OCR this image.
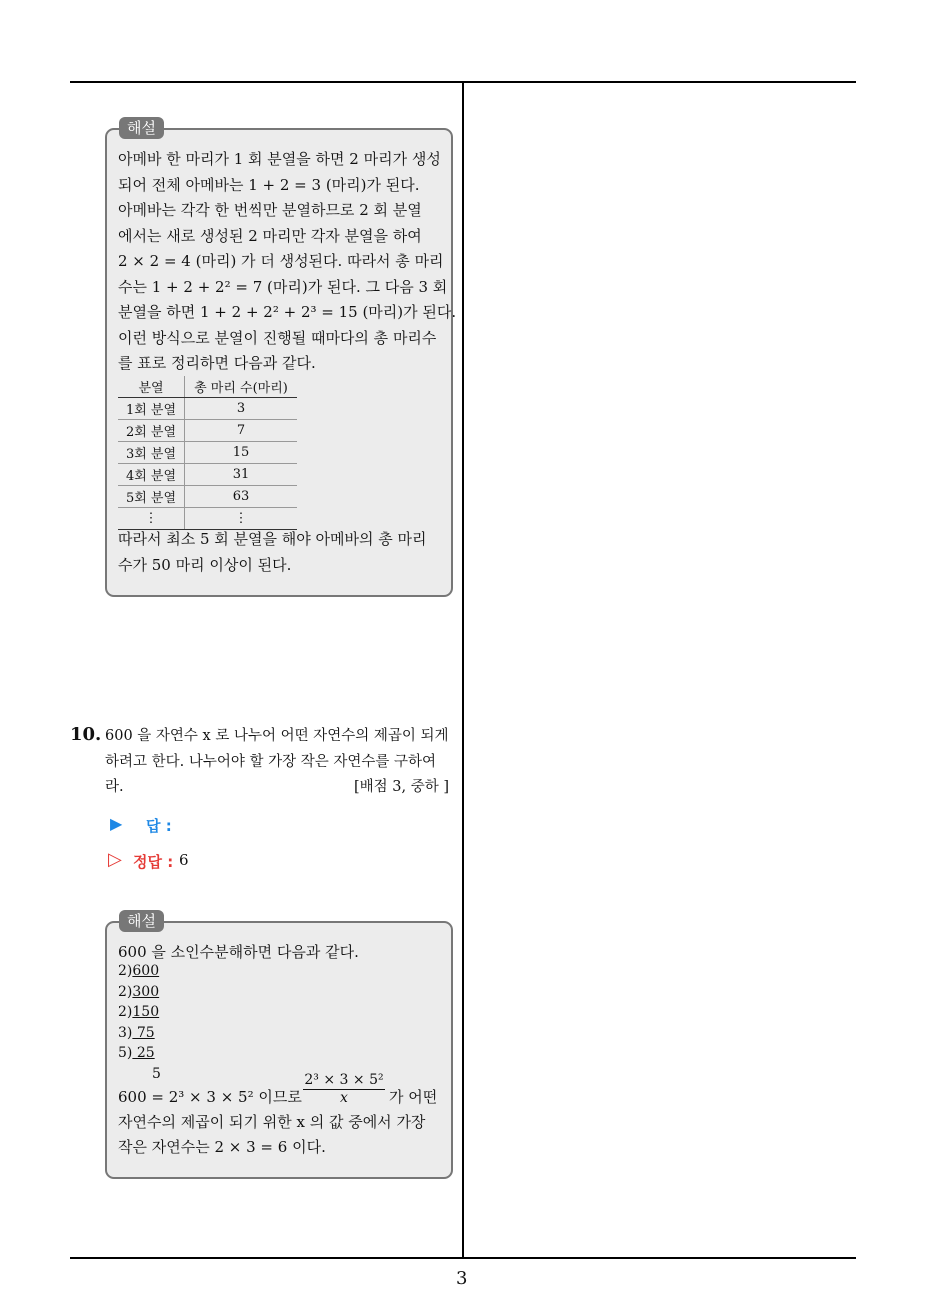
해설
아메바 한 마리가 1 회 분열을 하면 2 마리가 생성
되어 전체 아메바는 1 + 2 = 3 (마리)가 된다.
아메바는 각각 한 번씩만 분열하므로 2 회 분열
에서는 새로 생성된 2 마리만 각자 분열을 하여
2 × 2 = 4 (마리) 가 더 생성된다. 따라서 총 마리
수는 1 + 2 + 2² = 7 (마리)가 된다. 그 다음 3 회
분열을 하면 1 + 2 + 2² + 2³ = 15 (마리)가 된다.
이런 방식으로 분열이 진행될 때마다의 총 마리수
를 표로 정리하면 다음과 같다.
분열	총 마리 수(마리)
1회 분열	3
2회 분열	7
3회 분열	15
4회 분열	31
5회 분열	63
⋮	⋮
따라서 최소 5 회 분열을 해야 아메바의 총 마리
수가 50 마리 이상이 된다.
10. 600 을 자연수 x 로 나누어 어떤 자연수의 제곱이 되게
하려고 한다. 나누어야 할 가장 작은 자연수를 구하여
라.	[배점 3, 중하 ]
▶ 답 :
▷ 정답 : 6
해설
600 을 소인수분해하면 다음과 같다.
2)600
2)300
2)150
3) 75
5) 25
5
600 = 2³ × 3 × 5² 이므로 $\frac{\text{2³ × 3 × 5²}}{x}$ 가 어떤
자연수의 제곱이 되기 위한 x 의 값 중에서 가장
작은 자연수는 2 × 3 = 6 이다.
3
